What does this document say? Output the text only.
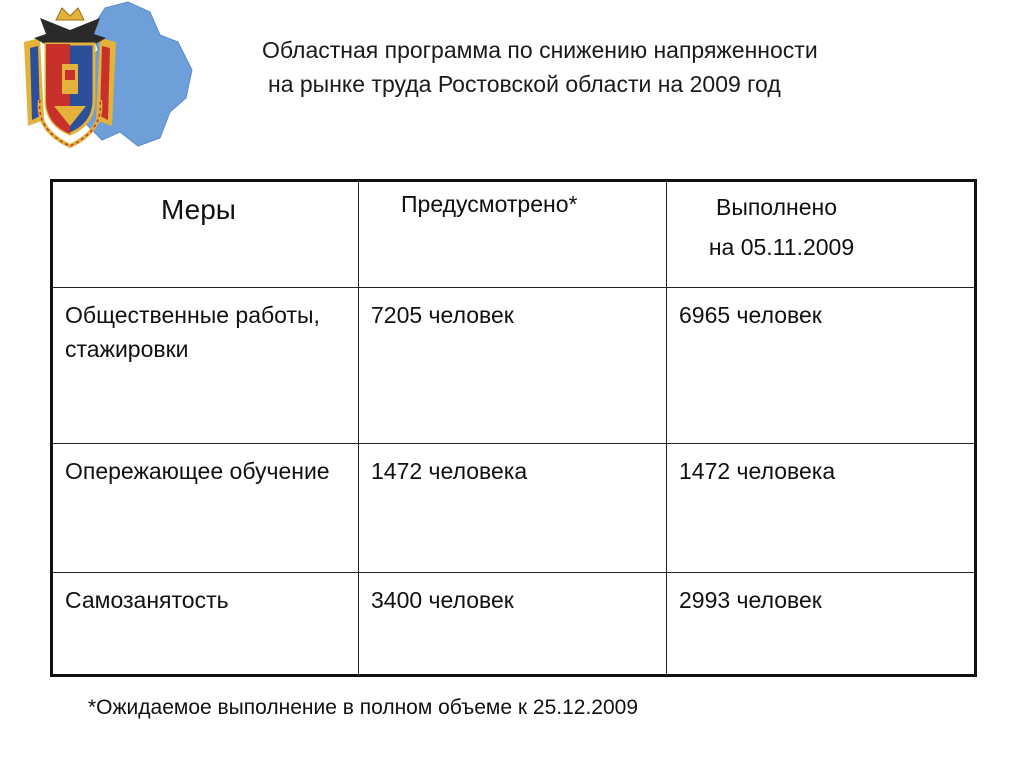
Областная программа по снижению напряженности
на рынке труда Ростовской области на 2009 год
Меры	Предусмотрено*	Выполнено
на 05.11.2009

Общественные работы, стажировки	7205 человек	6965 человек

Опережающее обучение	1472 человека	1472 человека

Самозанятость	3400 человек	2993 человек
*Ожидаемое выполнение в полном объеме к 25.12.2009
